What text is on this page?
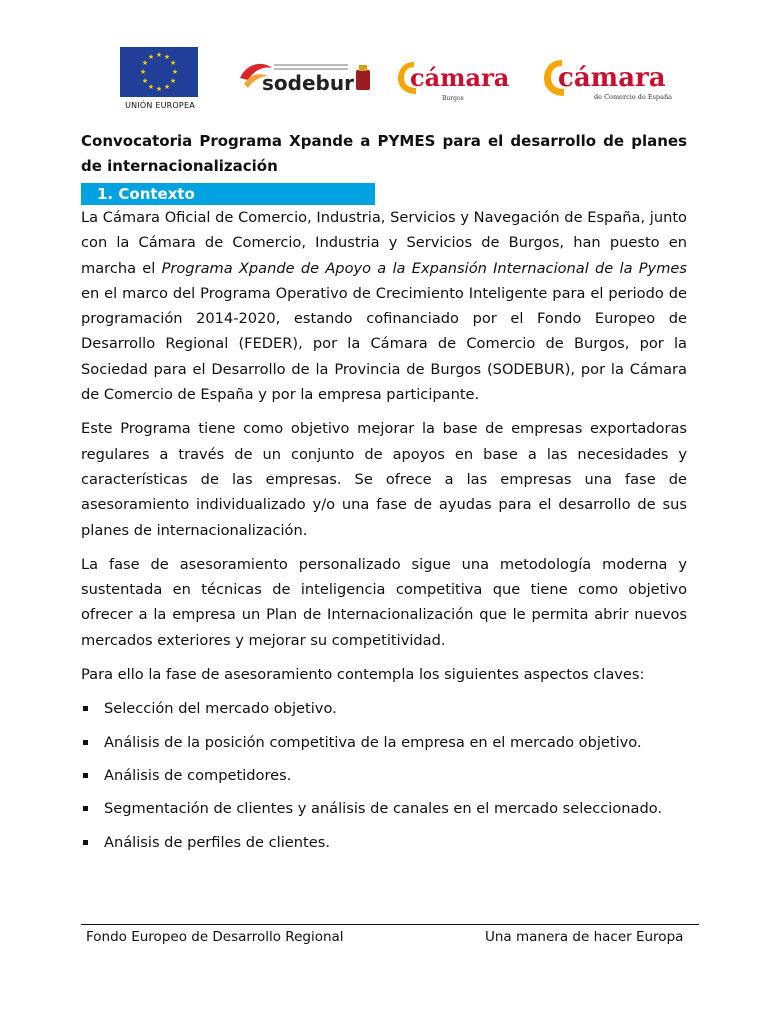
★ ★
★
★
★
★
★
★
★
★
★
★
UNIÓN EUROPEA
sodebur cámara
Burgos
cámara
de Comercio de España
Convocatoria Programa Xpande a PYMES para el desarrollo de planes de internacionalización
1. Contexto

La Cámara Oficial de Comercio, Industria, Servicios y Navegación de España, junto con la Cámara de Comercio, Industria y Servicios de Burgos, han puesto en marcha el Programa Xpande de Apoyo a la Expansión Internacional de la Pymes en el marco del Programa Operativo de Crecimiento Inteligente para el periodo de programación 2014-2020, estando cofinanciado por el Fondo Europeo de Desarrollo Regional (FEDER), por la Cámara de Comercio de Burgos, por la Sociedad para el Desarrollo de la Provincia de Burgos (SODEBUR), por la Cámara de Comercio de España y por la empresa participante.

Este Programa tiene como objetivo mejorar la base de empresas exportadoras regulares a través de un conjunto de apoyos en base a las necesidades y características de las empresas. Se ofrece a las empresas una fase de asesoramiento individualizado y/o una fase de ayudas para el desarrollo de sus planes de internacionalización.

La fase de asesoramiento personalizado sigue una metodología moderna y sustentada en técnicas de inteligencia competitiva que tiene como objetivo ofrecer a la empresa un Plan de Internacionalización que le permita abrir nuevos mercados exteriores y mejorar su competitividad.

Para ello la fase de asesoramiento contempla los siguientes aspectos claves:

Selección del mercado objetivo.
Análisis de la posición competitiva de la empresa en el mercado objetivo.
Análisis de competidores.
Segmentación de clientes y análisis de canales en el mercado seleccionado.
Análisis de perfiles de clientes.
Fondo Europeo de Desarrollo Regional	Una manera de hacer Europa
